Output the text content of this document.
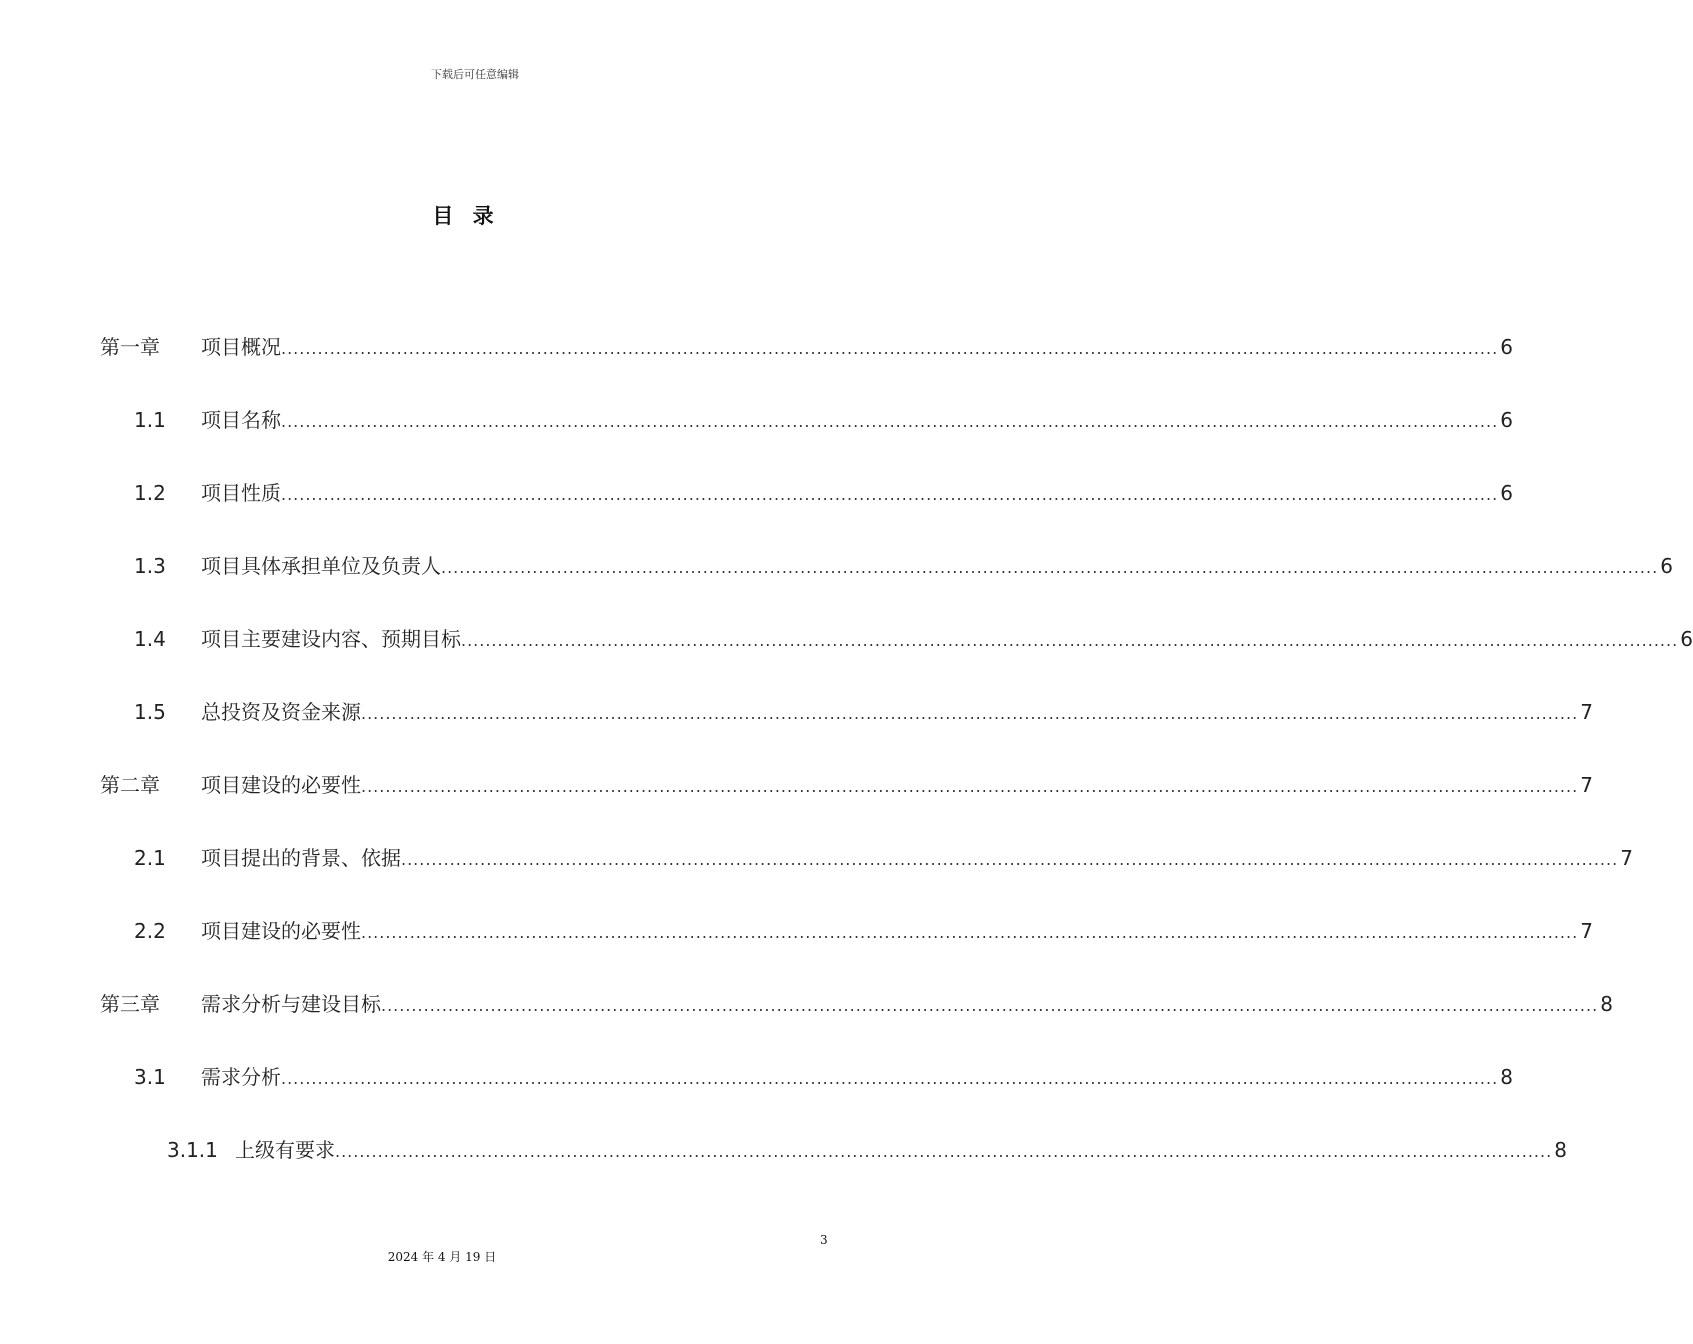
下载后可任意编辑
目 录
第一章 项目概况 ........................................................................................................................................................................................................ 6
1.1 项目名称 ........................................................................................................................................................................................................ 6
1.2 项目性质 ........................................................................................................................................................................................................ 6
1.3 项目具体承担单位及负责人 ........................................................................................................................................................................................................ 6
1.4 项目主要建设内容、预期目标 ........................................................................................................................................................................................................ 6
1.5 总投资及资金来源 ........................................................................................................................................................................................................ 7
第二章 项目建设的必要性 ........................................................................................................................................................................................................ 7
2.1 项目提出的背景、依据 ........................................................................................................................................................................................................ 7
2.2 项目建设的必要性 ........................................................................................................................................................................................................ 7
第三章 需求分析与建设目标 ........................................................................................................................................................................................................ 8
3.1 需求分析 ........................................................................................................................................................................................................ 8
3.1.1 上级有要求 ........................................................................................................................................................................................................ 8
3
2024 年 4 月 19 日
